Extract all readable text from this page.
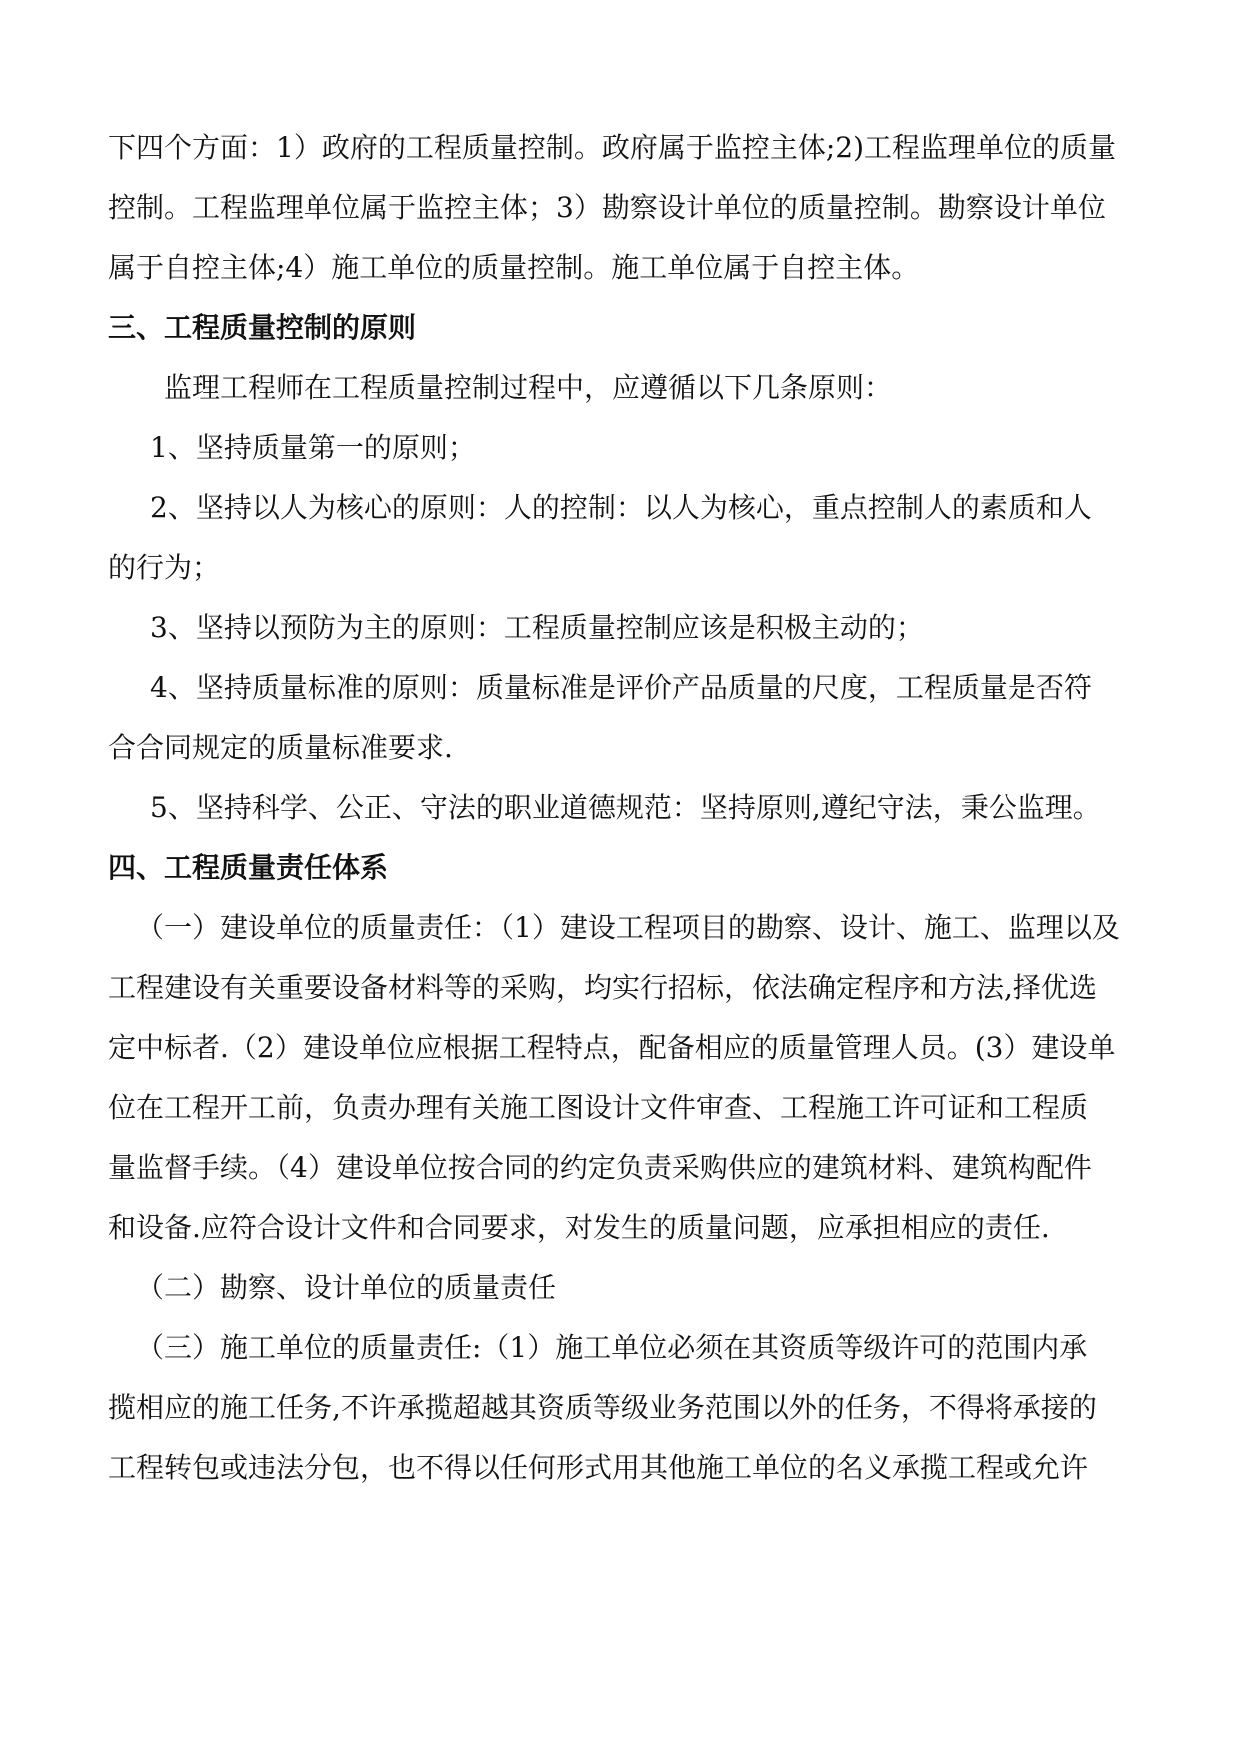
下四个方面：1）政府的工程质量控制。政府属于监控主体;2)工程监理单位的质量
控制。工程监理单位属于监控主体；3）勘察设计单位的质量控制。勘察设计单位
属于自控主体;4）施工单位的质量控制。施工单位属于自控主体。
三、工程质量控制的原则
监理工程师在工程质量控制过程中，应遵循以下几条原则：
1、坚持质量第一的原则；
2、坚持以人为核心的原则：人的控制：以人为核心，重点控制人的素质和人
的行为；
3、坚持以预防为主的原则：工程质量控制应该是积极主动的；
4、坚持质量标准的原则：质量标准是评价产品质量的尺度，工程质量是否符
合合同规定的质量标准要求.
5、坚持科学、公正、守法的职业道德规范：坚持原则,遵纪守法，秉公监理。
四、工程质量责任体系
（一）建设单位的质量责任：（1）建设工程项目的勘察、设计、施工、监理以及
工程建设有关重要设备材料等的采购，均实行招标，依法确定程序和方法,择优选
定中标者.（2）建设单位应根据工程特点，配备相应的质量管理人员。(3）建设单
位在工程开工前，负责办理有关施工图设计文件审查、工程施工许可证和工程质
量监督手续。（4）建设单位按合同的约定负责采购供应的建筑材料、建筑构配件
和设备.应符合设计文件和合同要求，对发生的质量问题，应承担相应的责任.
（二）勘察、设计单位的质量责任
（三）施工单位的质量责任:（1）施工单位必须在其资质等级许可的范围内承
揽相应的施工任务,不许承揽超越其资质等级业务范围以外的任务，不得将承接的
工程转包或违法分包，也不得以任何形式用其他施工单位的名义承揽工程或允许
